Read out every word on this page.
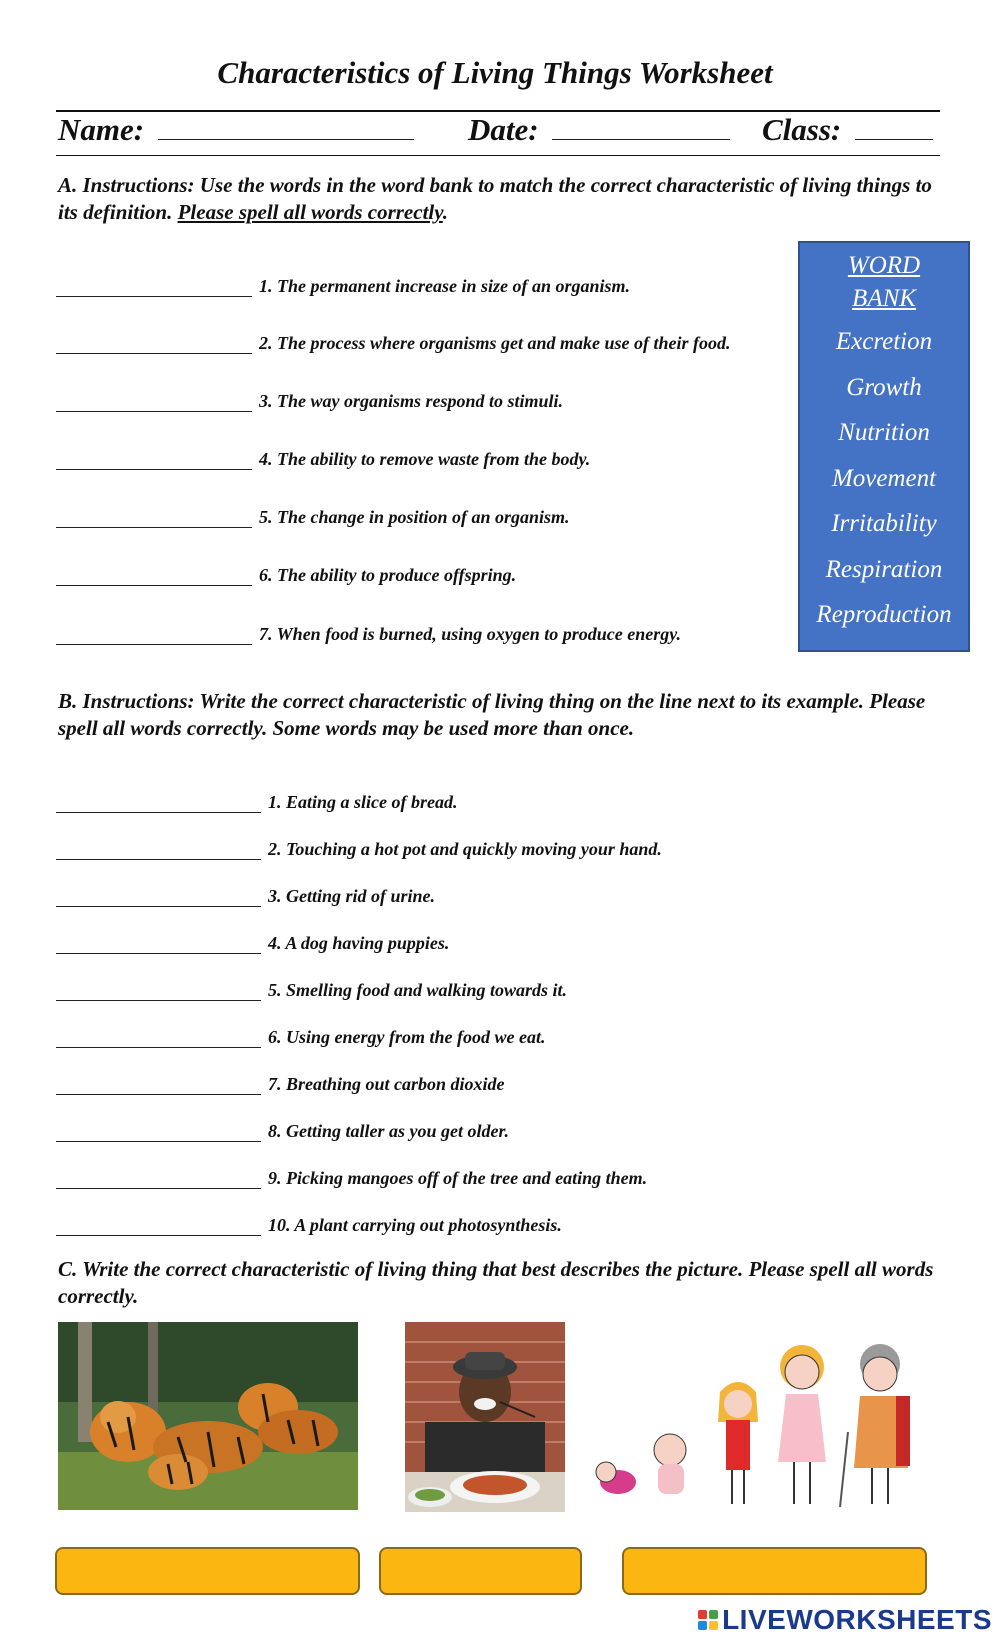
Characteristics of Living Things Worksheet
Name:	Date:	Class:
A. Instructions: Use the words in the word bank to match the correct characteristic of living things to its definition. Please spell all words correctly.
1. The permanent increase in size of an organism.
2. The process where organisms get and make use of their food.
3. The way organisms respond to stimuli.
4. The ability to remove waste from the body.
5. The change in position of an organism.
6. The ability to produce offspring.
7. When food is burned, using oxygen to produce energy.
WORD
BANK
Excretion
Growth
Nutrition
Movement
Irritability
Respiration
Reproduction
B. Instructions: Write the correct characteristic of living thing on the line next to its example. Please spell all words correctly. Some words may be used more than once.
1. Eating a slice of bread.
2. Touching a hot pot and quickly moving your hand.
3. Getting rid of urine.
4. A dog having puppies.
5. Smelling food and walking towards it.
6. Using energy from the food we eat.
7. Breathing out carbon dioxide
8. Getting taller as you get older.
9. Picking mangoes off of the tree and eating them.
10. A plant carrying out photosynthesis.
C. Write the correct characteristic of living thing that best describes the picture. Please spell all words correctly.
LIVEWORKSHEETS
